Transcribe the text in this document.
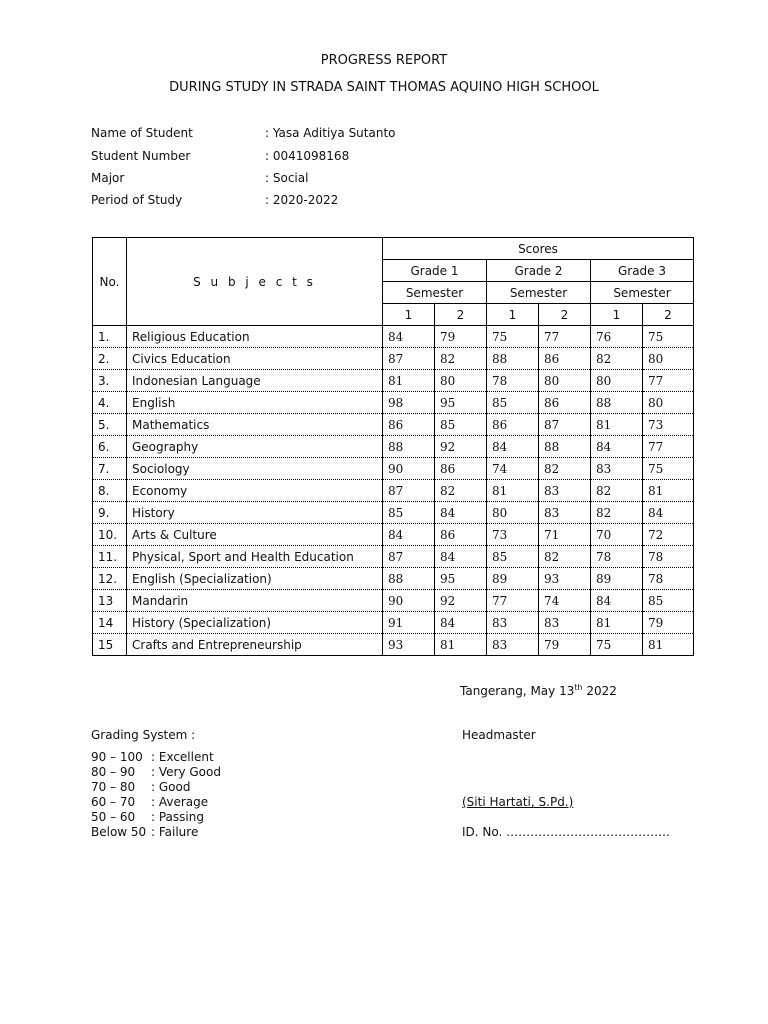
PROGRESS REPORT
DURING STUDY IN STRADA SAINT THOMAS AQUINO HIGH SCHOOL
Name of Student	: Yasa Aditiya Sutanto
Student Number	: 0041098168
Major	: Social
Period of Study	: 2020-2022
No.	S u b j e c t s	Scores					
		Grade 1		Grade 2		Grade 3	
		Semester		Semester		Semester	
		1	2	1	2	1	2
1.	Religious Education	84	79	75	77	76	75
2.	Civics Education	87	82	88	86	82	80
3.	Indonesian Language	81	80	78	80	80	77
4.	English	98	95	85	86	88	80
5.	Mathematics	86	85	86	87	81	73
6.	Geography	88	92	84	88	84	77
7.	Sociology	90	86	74	82	83	75
8.	Economy	87	82	81	83	82	81
9.	History	85	84	80	83	82	84
10.	Arts & Culture	84	86	73	71	70	72
11.	Physical, Sport and Health Education	87	84	85	82	78	78
12.	English (Specialization)	88	95	89	93	89	78
13	Mandarin	90	92	77	74	84	85
14	History (Specialization)	91	84	83	83	81	79
15	Crafts and Entrepreneurship	93	81	83	79	75	81
Tangerang, May 13th 2022
Headmaster
(Siti Hartati, S.Pd.)
ID. No. …………………………………..
Grading System :
90 – 100 : Excellent
80 – 90 : Very Good
70 – 80 : Good
60 – 70 : Average
50 – 60 : Passing
Below 50 : Failure
